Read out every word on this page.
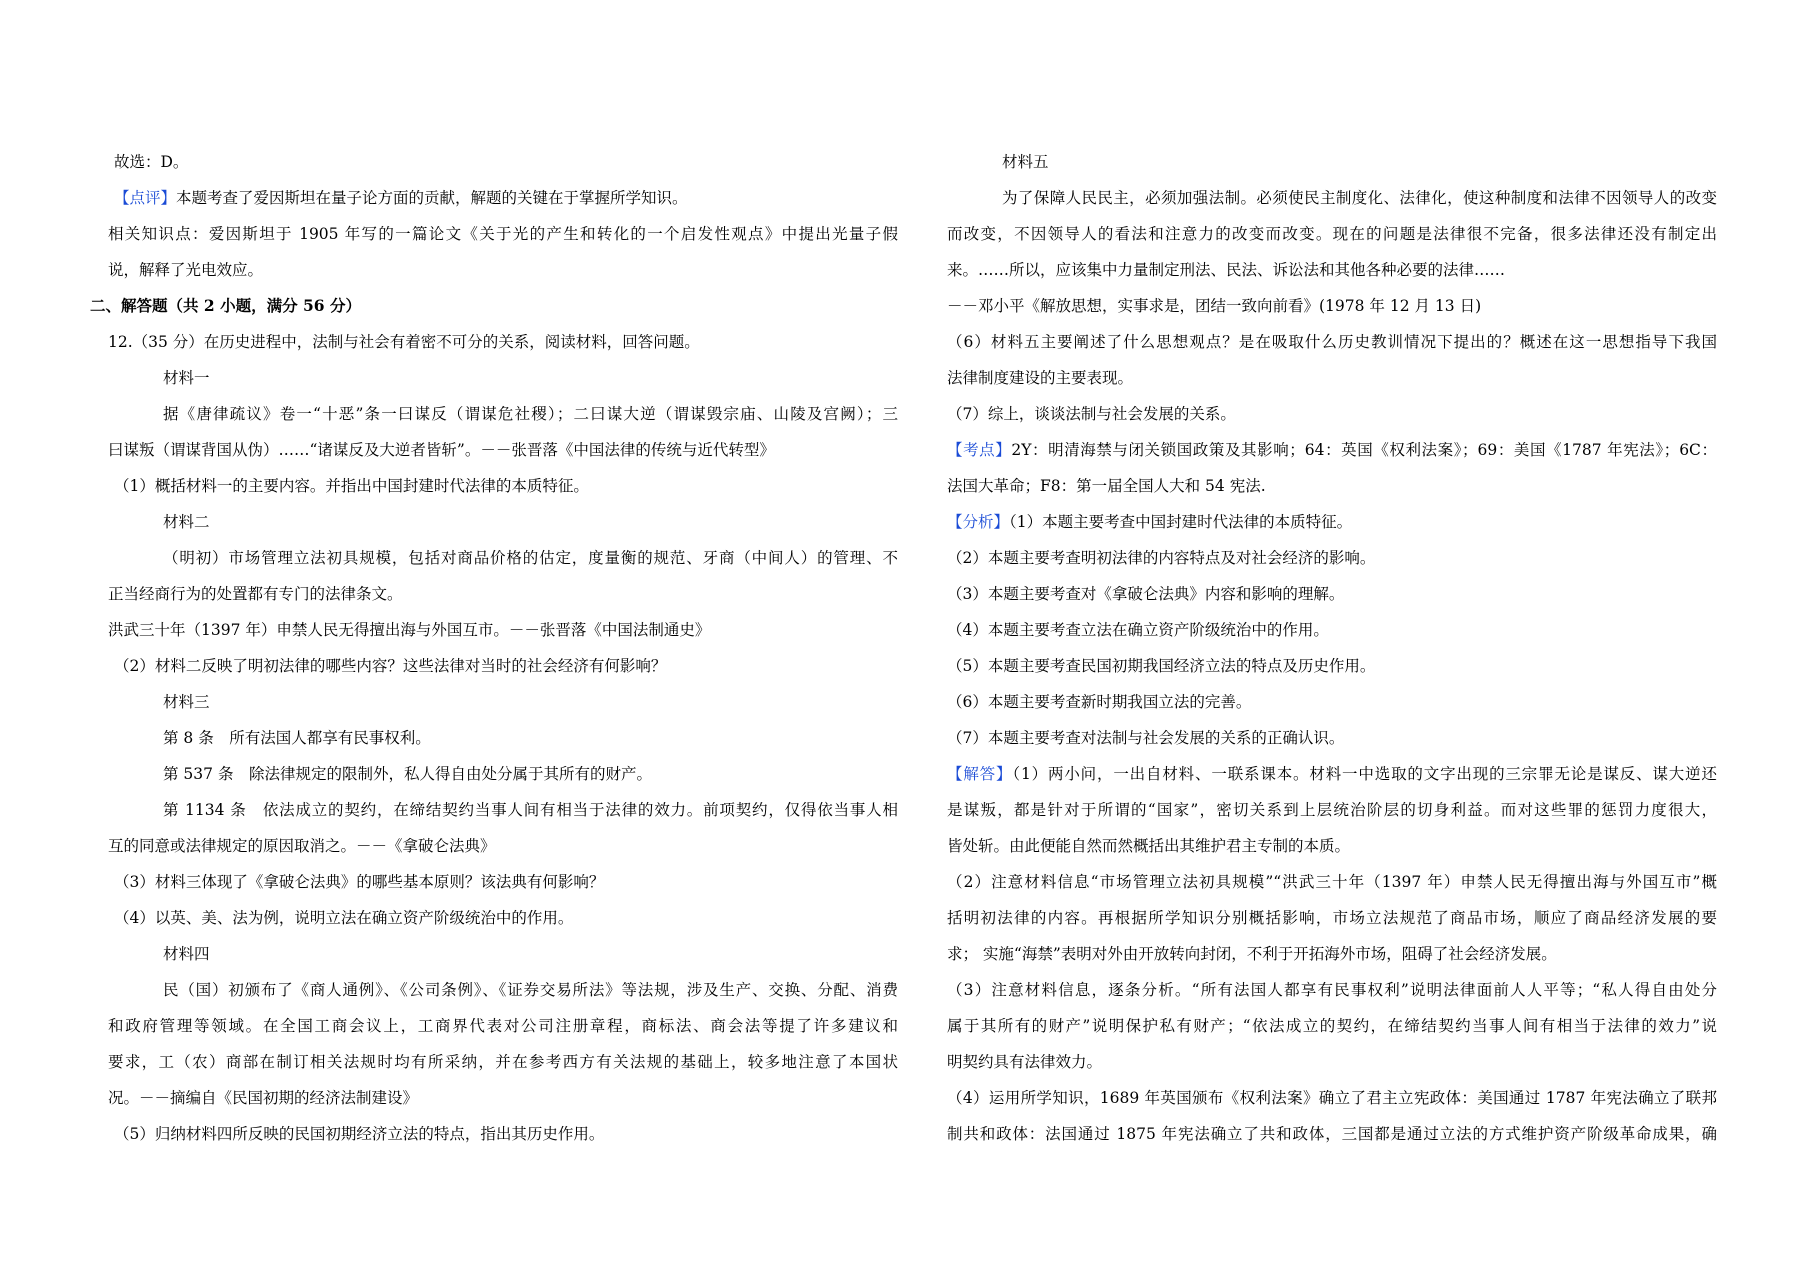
故选：D。
【点评】本题考查了爱因斯坦在量子论方面的贡献，解题的关键在于掌握所学知识。
相关知识点：爱因斯坦于 1905 年写的一篇论文《关于光的产生和转化的一个启发性观点》中提出光量子假
说，解释了光电效应。
二、解答题（共 2 小题，满分 56 分）
12.（35 分）在历史进程中，法制与社会有着密不可分的关系，阅读材料，回答问题。
材料一
据《唐律疏议》卷一“十恶”条一曰谋反（谓谋危社稷）；二曰谋大逆（谓谋毁宗庙、山陵及宫阙）；三
曰谋叛（谓谋背国从伪）……“诸谋反及大逆者皆斩”。－－张晋落《中国法律的传统与近代转型》
（1）概括材料一的主要内容。并指出中国封建时代法律的本质特征。
材料二
（明初）市场管理立法初具规模，包括对商品价格的估定，度量衡的规范、牙商（中间人）的管理、不
正当经商行为的处置都有专门的法律条文。
洪武三十年（1397 年）申禁人民无得擅出海与外国互市。－－张晋落《中国法制通史》
（2）材料二反映了明初法律的哪些内容？这些法律对当时的社会经济有何影响？
材料三
第 8 条　所有法国人都享有民事权利。
第 537 条　除法律规定的限制外，私人得自由处分属于其所有的财产。
第 1134 条　依法成立的契约，在缔结契约当事人间有相当于法律的效力。前项契约，仅得依当事人相
互的同意或法律规定的原因取消之。－－《拿破仑法典》
（3）材料三体现了《拿破仑法典》的哪些基本原则？该法典有何影响？
（4）以英、美、法为例，说明立法在确立资产阶级统治中的作用。
材料四
民（国）初颁布了《商人通例》、《公司条例》、《证券交易所法》等法规，涉及生产、交换、分配、消费
和政府管理等领域。在全国工商会议上，工商界代表对公司注册章程，商标法、商会法等提了许多建议和
要求，工（农）商部在制订相关法规时均有所采纳，并在参考西方有关法规的基础上，较多地注意了本国状
况。－－摘编自《民国初期的经济法制建设》
（5）归纳材料四所反映的民国初期经济立法的特点，指出其历史作用。
材料五
为了保障人民民主，必须加强法制。必须使民主制度化、法律化，使这种制度和法律不因领导人的改变
而改变，不因领导人的看法和注意力的改变而改变。现在的问题是法律很不完备，很多法律还没有制定出
来。……所以，应该集中力量制定刑法、民法、诉讼法和其他各种必要的法律……
－－邓小平《解放思想，实事求是，团结一致向前看》(1978 年 12 月 13 日)
（6）材料五主要阐述了什么思想观点？是在吸取什么历史教训情况下提出的？概述在这一思想指导下我国
法律制度建设的主要表现。
（7）综上，谈谈法制与社会发展的关系。
【考点】2Y：明清海禁与闭关锁国政策及其影响；64：英国《权利法案》；69：美国《1787 年宪法》；6C：
法国大革命；F8：第一届全国人大和 54 宪法.
【分析】（1）本题主要考查中国封建时代法律的本质特征。
（2）本题主要考查明初法律的内容特点及对社会经济的影响。
（3）本题主要考查对《拿破仑法典》内容和影响的理解。
（4）本题主要考查立法在确立资产阶级统治中的作用。
（5）本题主要考查民国初期我国经济立法的特点及历史作用。
（6）本题主要考查新时期我国立法的完善。
（7）本题主要考查对法制与社会发展的关系的正确认识。
【解答】（1）两小问，一出自材料、一联系课本。材料一中选取的文字出现的三宗罪无论是谋反、谋大逆还
是谋叛，都是针对于所谓的“国家”，密切关系到上层统治阶层的切身利益。而对这些罪的惩罚力度很大，
皆处斩。由此便能自然而然概括出其维护君主专制的本质。
（2）注意材料信息“市场管理立法初具规模”“洪武三十年（1397 年）申禁人民无得擅出海与外国互市”概
括明初法律的内容。再根据所学知识分别概括影响，市场立法规范了商品市场，顺应了商品经济发展的要
求； 实施“海禁”表明对外由开放转向封闭，不利于开拓海外市场，阻碍了社会经济发展。
（3）注意材料信息，逐条分析。“所有法国人都享有民事权利”说明法律面前人人平等；“私人得自由处分
属于其所有的财产”说明保护私有财产；“依法成立的契约，在缔结契约当事人间有相当于法律的效力”说
明契约具有法律效力。
（4）运用所学知识，1689 年英国颁布《权利法案》确立了君主立宪政体：美国通过 1787 年宪法确立了联邦
制共和政体：法国通过 1875 年宪法确立了共和政体，三国都是通过立法的方式维护资产阶级革命成果，确
